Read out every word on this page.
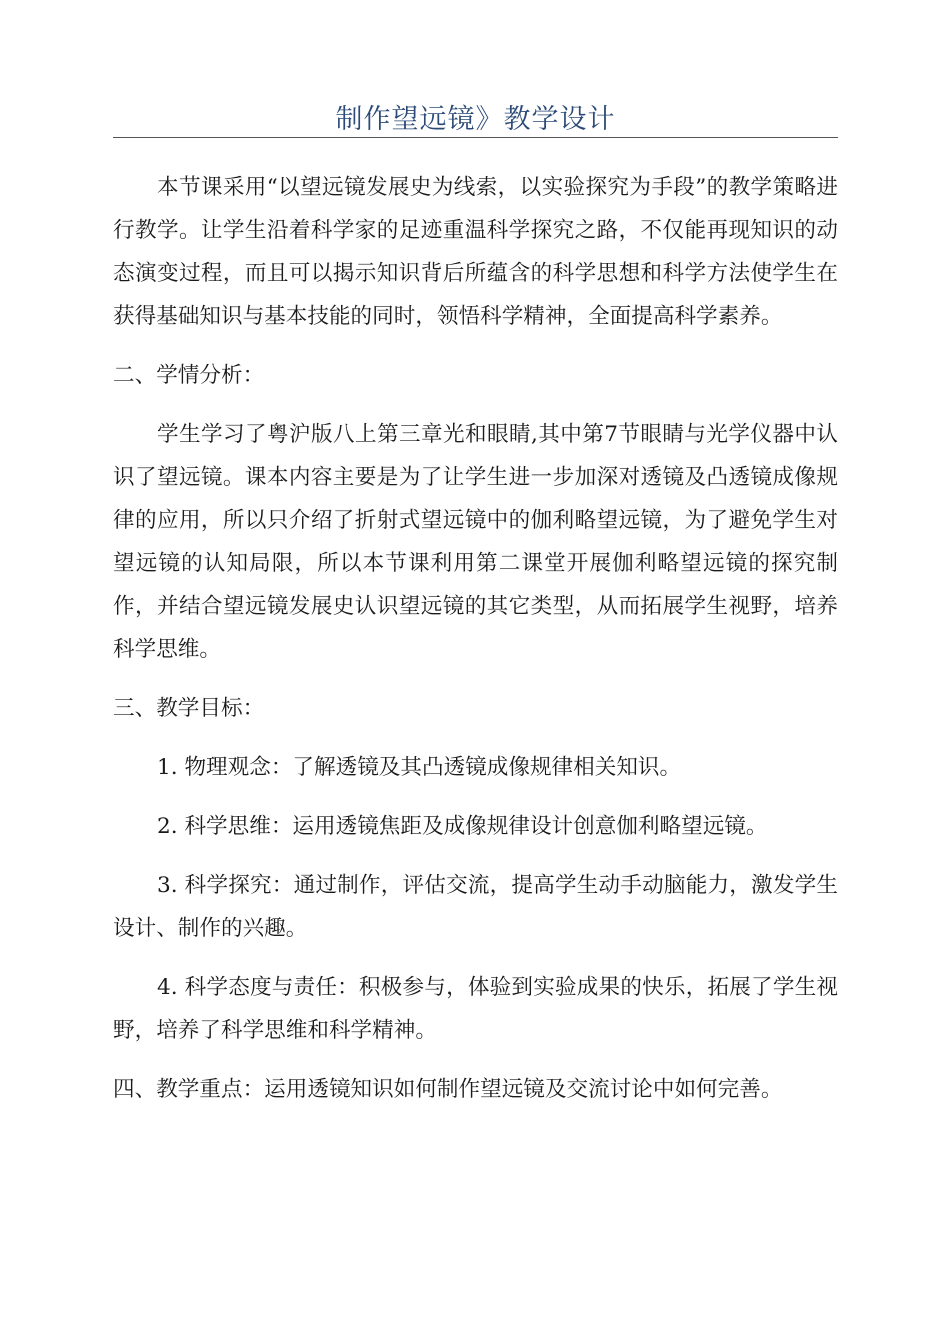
制作望远镜》教学设计

本节课采用“以望远镜发展史为线索，以实验探究为手段”的教学策略进行教学。让学生沿着科学家的足迹重温科学探究之路，不仅能再现知识的动态演变过程，而且可以揭示知识背后所蕴含的科学思想和科学方法使学生在获得基础知识与基本技能的同时，领悟科学精神，全面提高科学素养。

二、学情分析：

学生学习了粤沪版八上第三章光和眼睛,其中第7节眼睛与光学仪器中认识了望远镜。课本内容主要是为了让学生进一步加深对透镜及凸透镜成像规律的应用，所以只介绍了折射式望远镜中的伽利略望远镜，为了避免学生对望远镜的认知局限，所以本节课利用第二课堂开展伽利略望远镜的探究制作，并结合望远镜发展史认识望远镜的其它类型，从而拓展学生视野，培养科学思维。

三、教学目标：

1. 物理观念：了解透镜及其凸透镜成像规律相关知识。

2. 科学思维：运用透镜焦距及成像规律设计创意伽利略望远镜。

3. 科学探究：通过制作，评估交流，提高学生动手动脑能力，激发学生设计、制作的兴趣。

4. 科学态度与责任：积极参与，体验到实验成果的快乐，拓展了学生视野，培养了科学思维和科学精神。

四、教学重点：运用透镜知识如何制作望远镜及交流讨论中如何完善。
